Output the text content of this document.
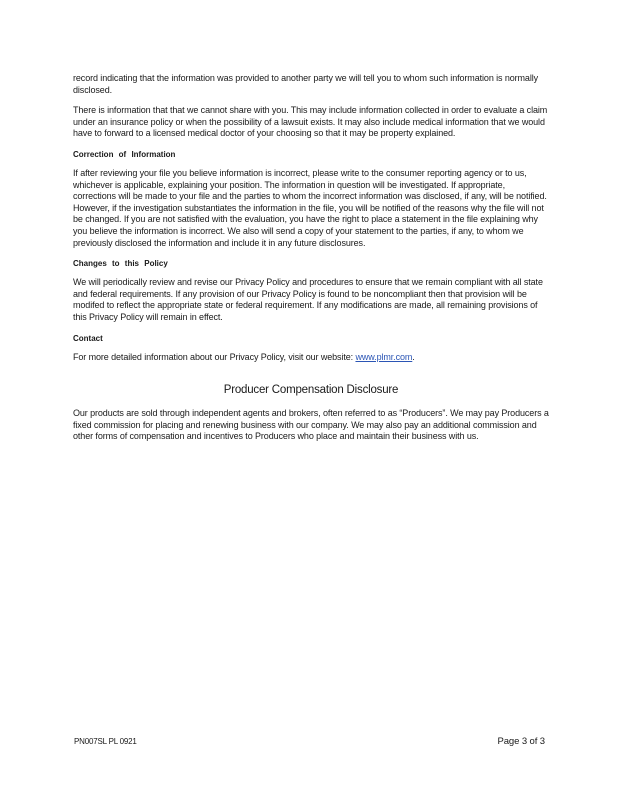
record indicating that the information was provided to another party we will tell you to whom such information is normally disclosed.

There is information that that we cannot share with you. This may include information collected in order to evaluate a claim under an insurance policy or when the possibility of a lawsuit exists. It may also include medical information that we would have to forward to a licensed medical doctor of your choosing so that it may be property explained.

Correction of Information

If after reviewing your file you believe information is incorrect, please write to the consumer reporting agency or to us, whichever is applicable, explaining your position. The information in question will be investigated. If appropriate, corrections will be made to your file and the parties to whom the incorrect information was disclosed, if any, will be notified. However, if the investigation substantiates the information in the file, you will be notified of the reasons why the file will not be changed. If you are not satisfied with the evaluation, you have the right to place a statement in the file explaining why you believe the information is incorrect. We also will send a copy of your statement to the parties, if any, to whom we previously disclosed the information and include it in any future disclosures.

Changes to this Policy

We will periodically review and revise our Privacy Policy and procedures to ensure that we remain compliant with all state and federal requirements. If any provision of our Privacy Policy is found to be noncompliant then that provision will be modifed to reflect the appropriate state or federal requirement. If any modifications are made, all remaining provisions of this Privacy Policy will remain in effect.

Contact

For more detailed information about our Privacy Policy, visit our website: www.plmr.com.

Producer Compensation Disclosure

Our products are sold through independent agents and brokers, often referred to as “Producers”. We may pay Producers a fixed commission for placing and renewing business with our company. We may also pay an additional commission and other forms of compensation and incentives to Producers who place and maintain their business with us.

PN007SL PL 0921	Page 3 of 3
